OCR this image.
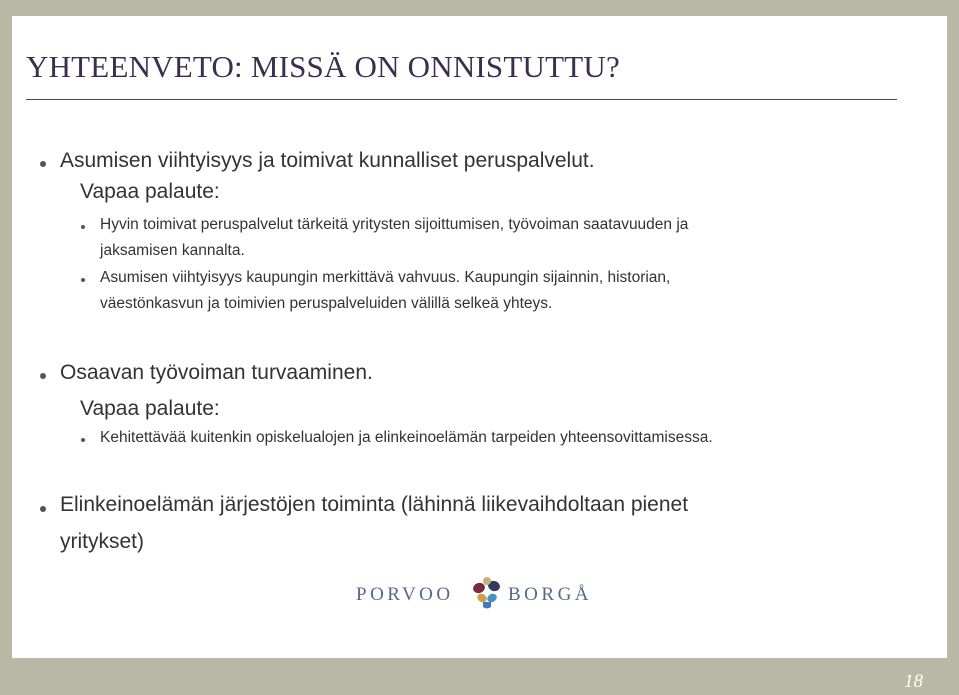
YHTEENVETO: MISSÄ ON ONNISTUTTU?
Asumisen viihtyisyys ja toimivat kunnalliset peruspalvelut.
Vapaa palaute:
Hyvin toimivat peruspalvelut tärkeitä yritysten sijoittumisen, työvoiman saatavuuden ja
jaksamisen kannalta.
Asumisen viihtyisyys kaupungin merkittävä vahvuus. Kaupungin sijainnin, historian,
väestönkasvun ja toimivien peruspalveluiden välillä selkeä yhteys.
Osaavan työvoiman turvaaminen.
Vapaa palaute:
Kehitettävää kuitenkin opiskelualojen ja elinkeinoelämän tarpeiden yhteensovittamisessa.
Elinkeinoelämän järjestöjen toiminta (lähinnä liikevaihdoltaan pienet
yritykset)
PORVOO	BORGÅ
18
